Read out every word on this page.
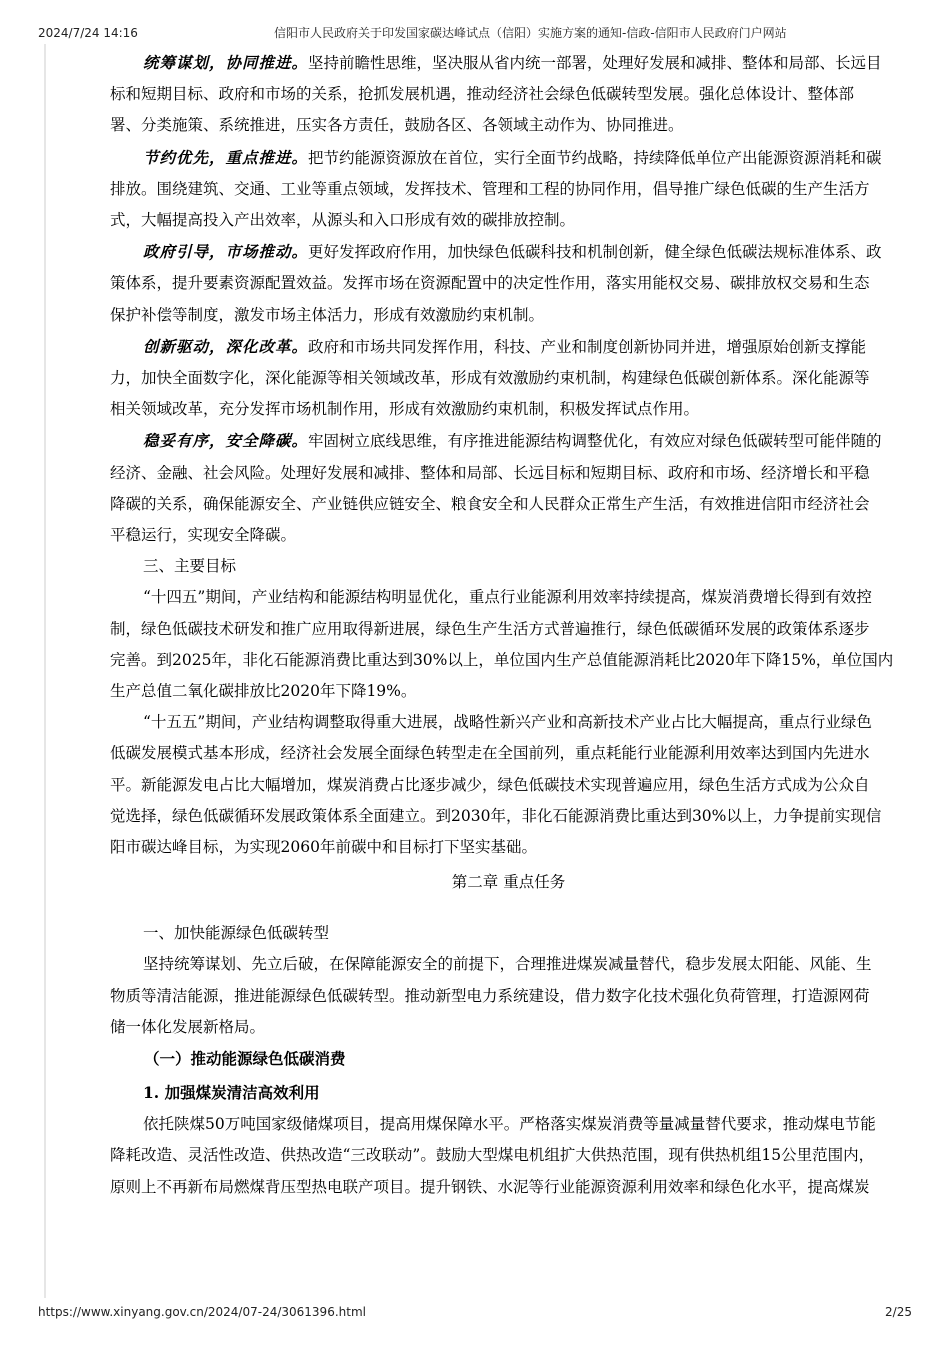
2024/7/24 14:16	信阳市人民政府关于印发国家碳达峰试点（信阳）实施方案的通知-信政-信阳市人民政府门户网站

统筹谋划，协同推进。坚持前瞻性思维，坚决服从省内统一部署，处理好发展和减排、整体和局部、长远目

标和短期目标、政府和市场的关系，抢抓发展机遇，推动经济社会绿色低碳转型发展。强化总体设计、整体部

署、分类施策、系统推进，压实各方责任，鼓励各区、各领域主动作为、协同推进。

节约优先，重点推进。把节约能源资源放在首位，实行全面节约战略，持续降低单位产出能源资源消耗和碳

排放。围绕建筑、交通、工业等重点领域，发挥技术、管理和工程的协同作用，倡导推广绿色低碳的生产生活方

式，大幅提高投入产出效率，从源头和入口形成有效的碳排放控制。

政府引导，市场推动。更好发挥政府作用，加快绿色低碳科技和机制创新，健全绿色低碳法规标准体系、政

策体系，提升要素资源配置效益。发挥市场在资源配置中的决定性作用，落实用能权交易、碳排放权交易和生态

保护补偿等制度，激发市场主体活力，形成有效激励约束机制。

创新驱动，深化改革。政府和市场共同发挥作用，科技、产业和制度创新协同并进，增强原始创新支撑能

力，加快全面数字化，深化能源等相关领域改革，形成有效激励约束机制，构建绿色低碳创新体系。深化能源等

相关领域改革，充分发挥市场机制作用，形成有效激励约束机制，积极发挥试点作用。

稳妥有序，安全降碳。牢固树立底线思维，有序推进能源结构调整优化，有效应对绿色低碳转型可能伴随的

经济、金融、社会风险。处理好发展和减排、整体和局部、长远目标和短期目标、政府和市场、经济增长和平稳

降碳的关系，确保能源安全、产业链供应链安全、粮食安全和人民群众正常生产生活，有效推进信阳市经济社会

平稳运行，实现安全降碳。

三、主要目标

“十四五”期间，产业结构和能源结构明显优化，重点行业能源利用效率持续提高，煤炭消费增长得到有效控

制，绿色低碳技术研发和推广应用取得新进展，绿色生产生活方式普遍推行，绿色低碳循环发展的政策体系逐步

完善。到2025年，非化石能源消费比重达到30%以上，单位国内生产总值能源消耗比2020年下降15%，单位国内

生产总值二氧化碳排放比2020年下降19%。

“十五五”期间，产业结构调整取得重大进展，战略性新兴产业和高新技术产业占比大幅提高，重点行业绿色

低碳发展模式基本形成，经济社会发展全面绿色转型走在全国前列，重点耗能行业能源利用效率达到国内先进水

平。新能源发电占比大幅增加，煤炭消费占比逐步减少，绿色低碳技术实现普遍应用，绿色生活方式成为公众自

觉选择，绿色低碳循环发展政策体系全面建立。到2030年，非化石能源消费比重达到30%以上，力争提前实现信

阳市碳达峰目标，为实现2060年前碳中和目标打下坚实基础。

第二章 重点任务

一、加快能源绿色低碳转型

坚持统筹谋划、先立后破，在保障能源安全的前提下，合理推进煤炭减量替代，稳步发展太阳能、风能、生

物质等清洁能源，推进能源绿色低碳转型。推动新型电力系统建设，借力数字化技术强化负荷管理，打造源网荷

储一体化发展新格局。

（一）推动能源绿色低碳消费

1. 加强煤炭清洁高效利用

依托陕煤50万吨国家级储煤项目，提高用煤保障水平。严格落实煤炭消费等量减量替代要求，推动煤电节能

降耗改造、灵活性改造、供热改造“三改联动”。鼓励大型煤电机组扩大供热范围，现有供热机组15公里范围内，

原则上不再新布局燃煤背压型热电联产项目。提升钢铁、水泥等行业能源资源利用效率和绿色化水平，提高煤炭

https://www.xinyang.gov.cn/2024/07-24/3061396.html	2/25
